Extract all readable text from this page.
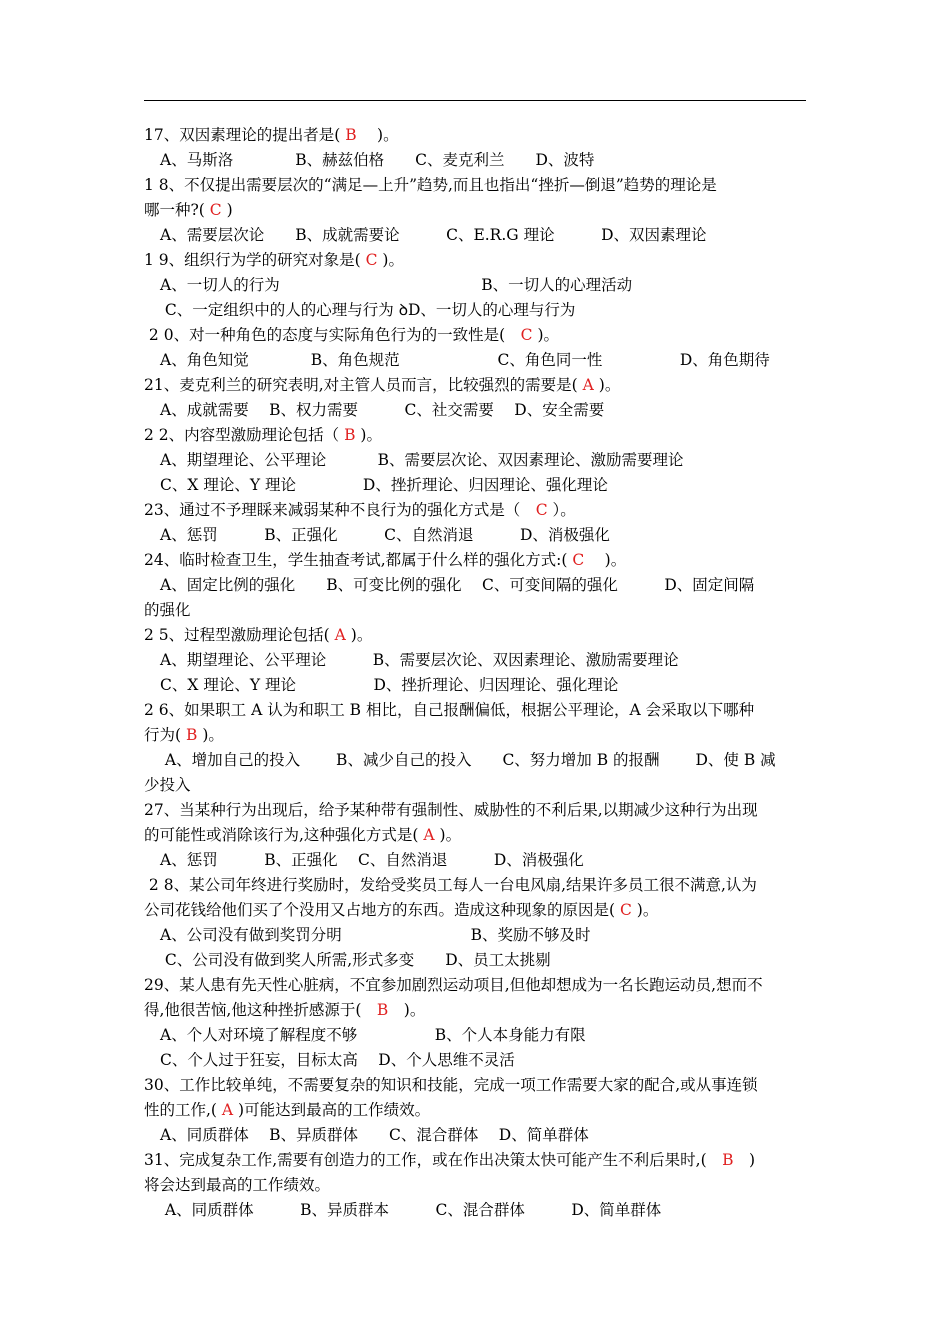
17、双因素理论的提出者是( B 　)。
A、马斯洛　　　　B、赫兹伯格　　C、麦克利兰　　D、波特
1 8、不仅提出需要层次的“满足—上升”趋势,而且也指出“挫折—倒退”趋势的理论是
哪一种?( C )
A、需要层次论　　B、成就需要论　　　C、E.R.G 理论　　　D、双因素理论
1 9、组织行为学的研究对象是( C )。
A、一切人的行为　　　　　　　　　　　　　B、一切人的心理活动
C、一定组织中的人的心理与行为 ꝺD、一切人的心理与行为
2 0、对一种角色的态度与实际角色行为的一致性是(　C )。
A、角色知觉　　　　B、角色规范　　　　　　 C、角色同一性　　　　　D、角色期待
21、麦克利兰的研究表明,对主管人员而言，比较强烈的需要是( A )。
A、成就需要　 B、权力需要　　　C、社交需要　 D、安全需要
2 2、内容型激励理论包括（ B )。
A、期望理论、公平理论　　　 B、需要层次论、双因素理论、激励需要理论
C、X 理论、Y 理论　　　　 D、挫折理论、归因理论、强化理论
23、通过不予理睬来减弱某种不良行为的强化方式是（　C ）。
A、惩罚　　　B、正强化　　　C、自然消退　　　D、消极强化
24、临时检查卫生，学生抽查考试,都属于什么样的强化方式:( C 　)。
A、固定比例的强化　　B、可变比例的强化　 C、可变间隔的强化　　　D、固定间隔
的强化
2 5、过程型激励理论包括( A )。
A、期望理论、公平理论　　　B、需要层次论、双因素理论、激励需要理论
C、X 理论、Y 理论　　　　　D、挫折理论、归因理论、强化理论
2 6、如果职工 A 认为和职工 B 相比，自己报酬偏低，根据公平理论，A 会采取以下哪种
行为( B )。
A、增加自己的投入　　 B、减少自己的投入　　C、努力增加 B 的报酬　　 D、使 B 减
少投入
27、当某种行为出现后，给予某种带有强制性、威胁性的不利后果,以期减少这种行为出现
的可能性或消除该行为,这种强化方式是( A )。
A、惩罚　　　B、正强化　 C、自然消退　　　D、消极强化
2 8、某公司年终进行奖励时，发给受奖员工每人一台电风扇,结果许多员工很不满意,认为
公司花钱给他们买了个没用又占地方的东西。造成这种现象的原因是( C )。
A、公司没有做到奖罚分明　　　　　　　　 B、奖励不够及时
C、公司没有做到奖人所需,形式多变　　D、员工太挑剔
29、某人患有先天性心脏病，不宜参加剧烈运动项目,但他却想成为一名长跑运动员,想而不
得,他很苦恼,他这种挫折感源于(　B　)。
A、个人对环境了解程度不够　　　　　B、个人本身能力有限
C、个人过于狂妄，目标太高　 D、个人思维不灵活
30、工作比较单纯，不需要复杂的知识和技能，完成一项工作需要大家的配合,或从事连锁
性的工作,( A )可能达到最高的工作绩效。
A、同质群体　 B、异质群体　　C、混合群体　 D、简单群体
31、完成复杂工作,需要有创造力的工作，或在作出决策太快可能产生不利后果时,(　B　)
将会达到最高的工作绩效。
A、同质群体　　　B、异质群本　　　C、混合群体　　　D、简单群体
